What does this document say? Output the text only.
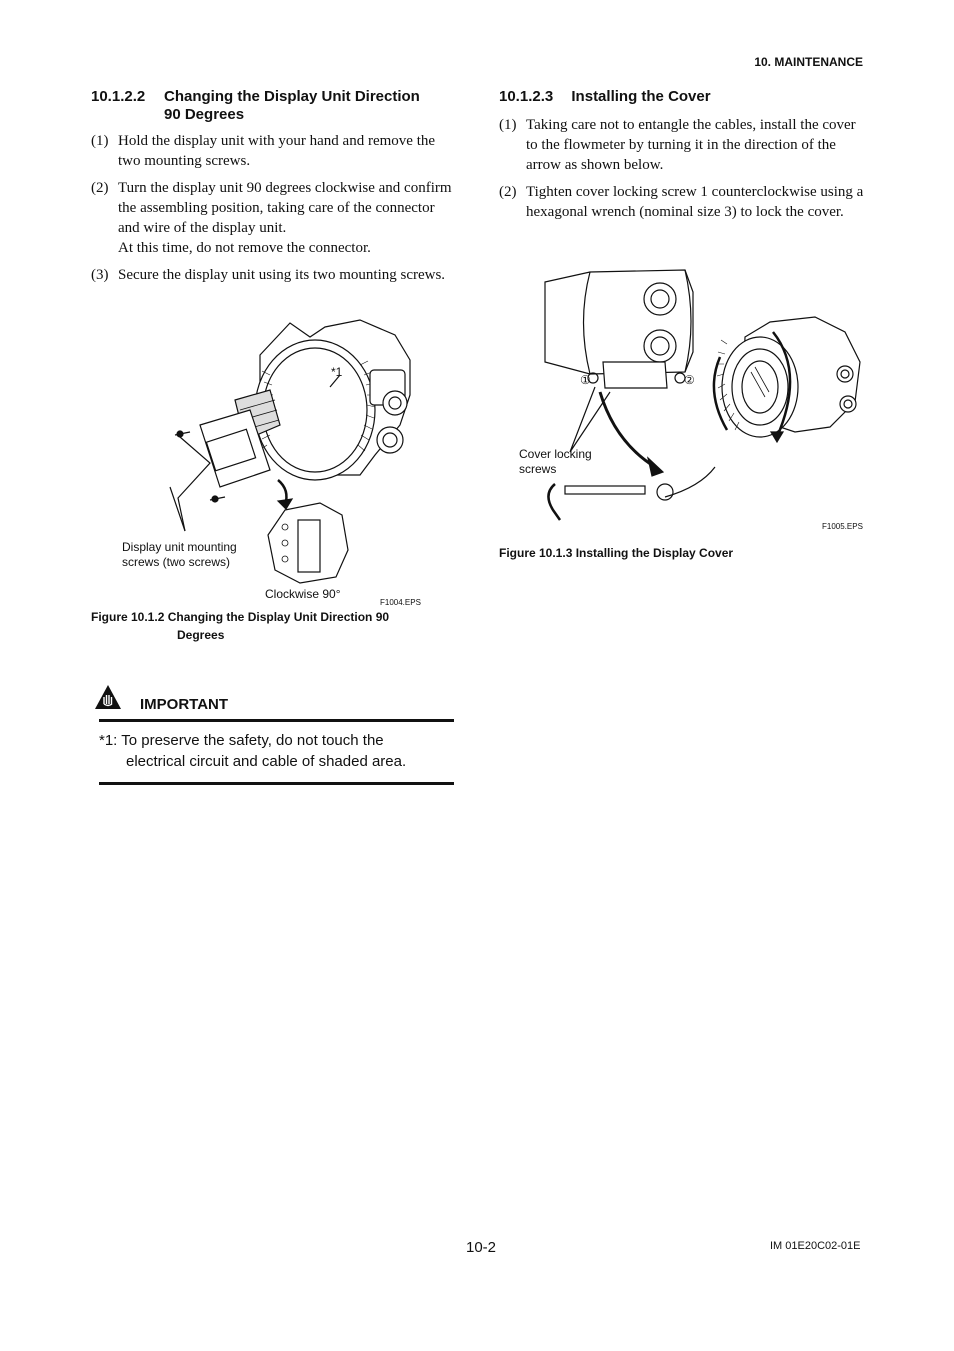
10. MAINTENANCE
10.1.2.2 Changing the Display Unit Direction
90 Degrees
(1) Hold the display unit with your hand and remove the two mounting screws.
(2) Turn the display unit 90 degrees clockwise and confirm the assembling position, taking care of the connector and wire of the display unit.
At this time, do not remove the connector.
(3) Secure the display unit using its two mounting screws.
*1
Display unit mounting
screws (two screws)
Clockwise 90°
F1004.EPS
Figure 10.1.2 Changing the Display Unit Direction 90
Degrees
IMPORTANT
*1: To preserve the safety, do not touch the
electrical circuit and cable of shaded area.
10.1.2.3 Installing the Cover
(1) Taking care not to entangle the cables, install the cover to the flowmeter by turning it in the direction of the arrow as shown below.
(2) Tighten cover locking screw 1 counterclockwise using a hexagonal wrench (nominal size 3) to lock the cover.
①	②
Cover locking
screws
F1005.EPS
Figure 10.1.3 Installing the Display Cover
10-2	IM 01E20C02-01E
